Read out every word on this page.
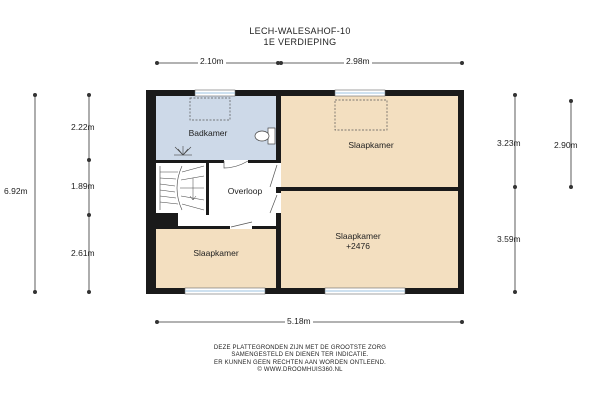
LECH-WALESAHOF-10
1E VERDIEPING
2.10m	2.98m
5.18m
6.92m
2.22m
1.89m
2.61m
3.23m
3.59m
2.90m
Badkamer
Slaapkamer
Overloop
Slaapkamer
+2476
Slaapkamer
DEZE PLATTEGRONDEN ZIJN MET DE GROOTSTE ZORG
SAMENGESTELD EN DIENEN TER INDICATIE.
ER KUNNEN GEEN RECHTEN AAN WORDEN ONTLEEND.
© WWW.DROOMHUIS360.NL
